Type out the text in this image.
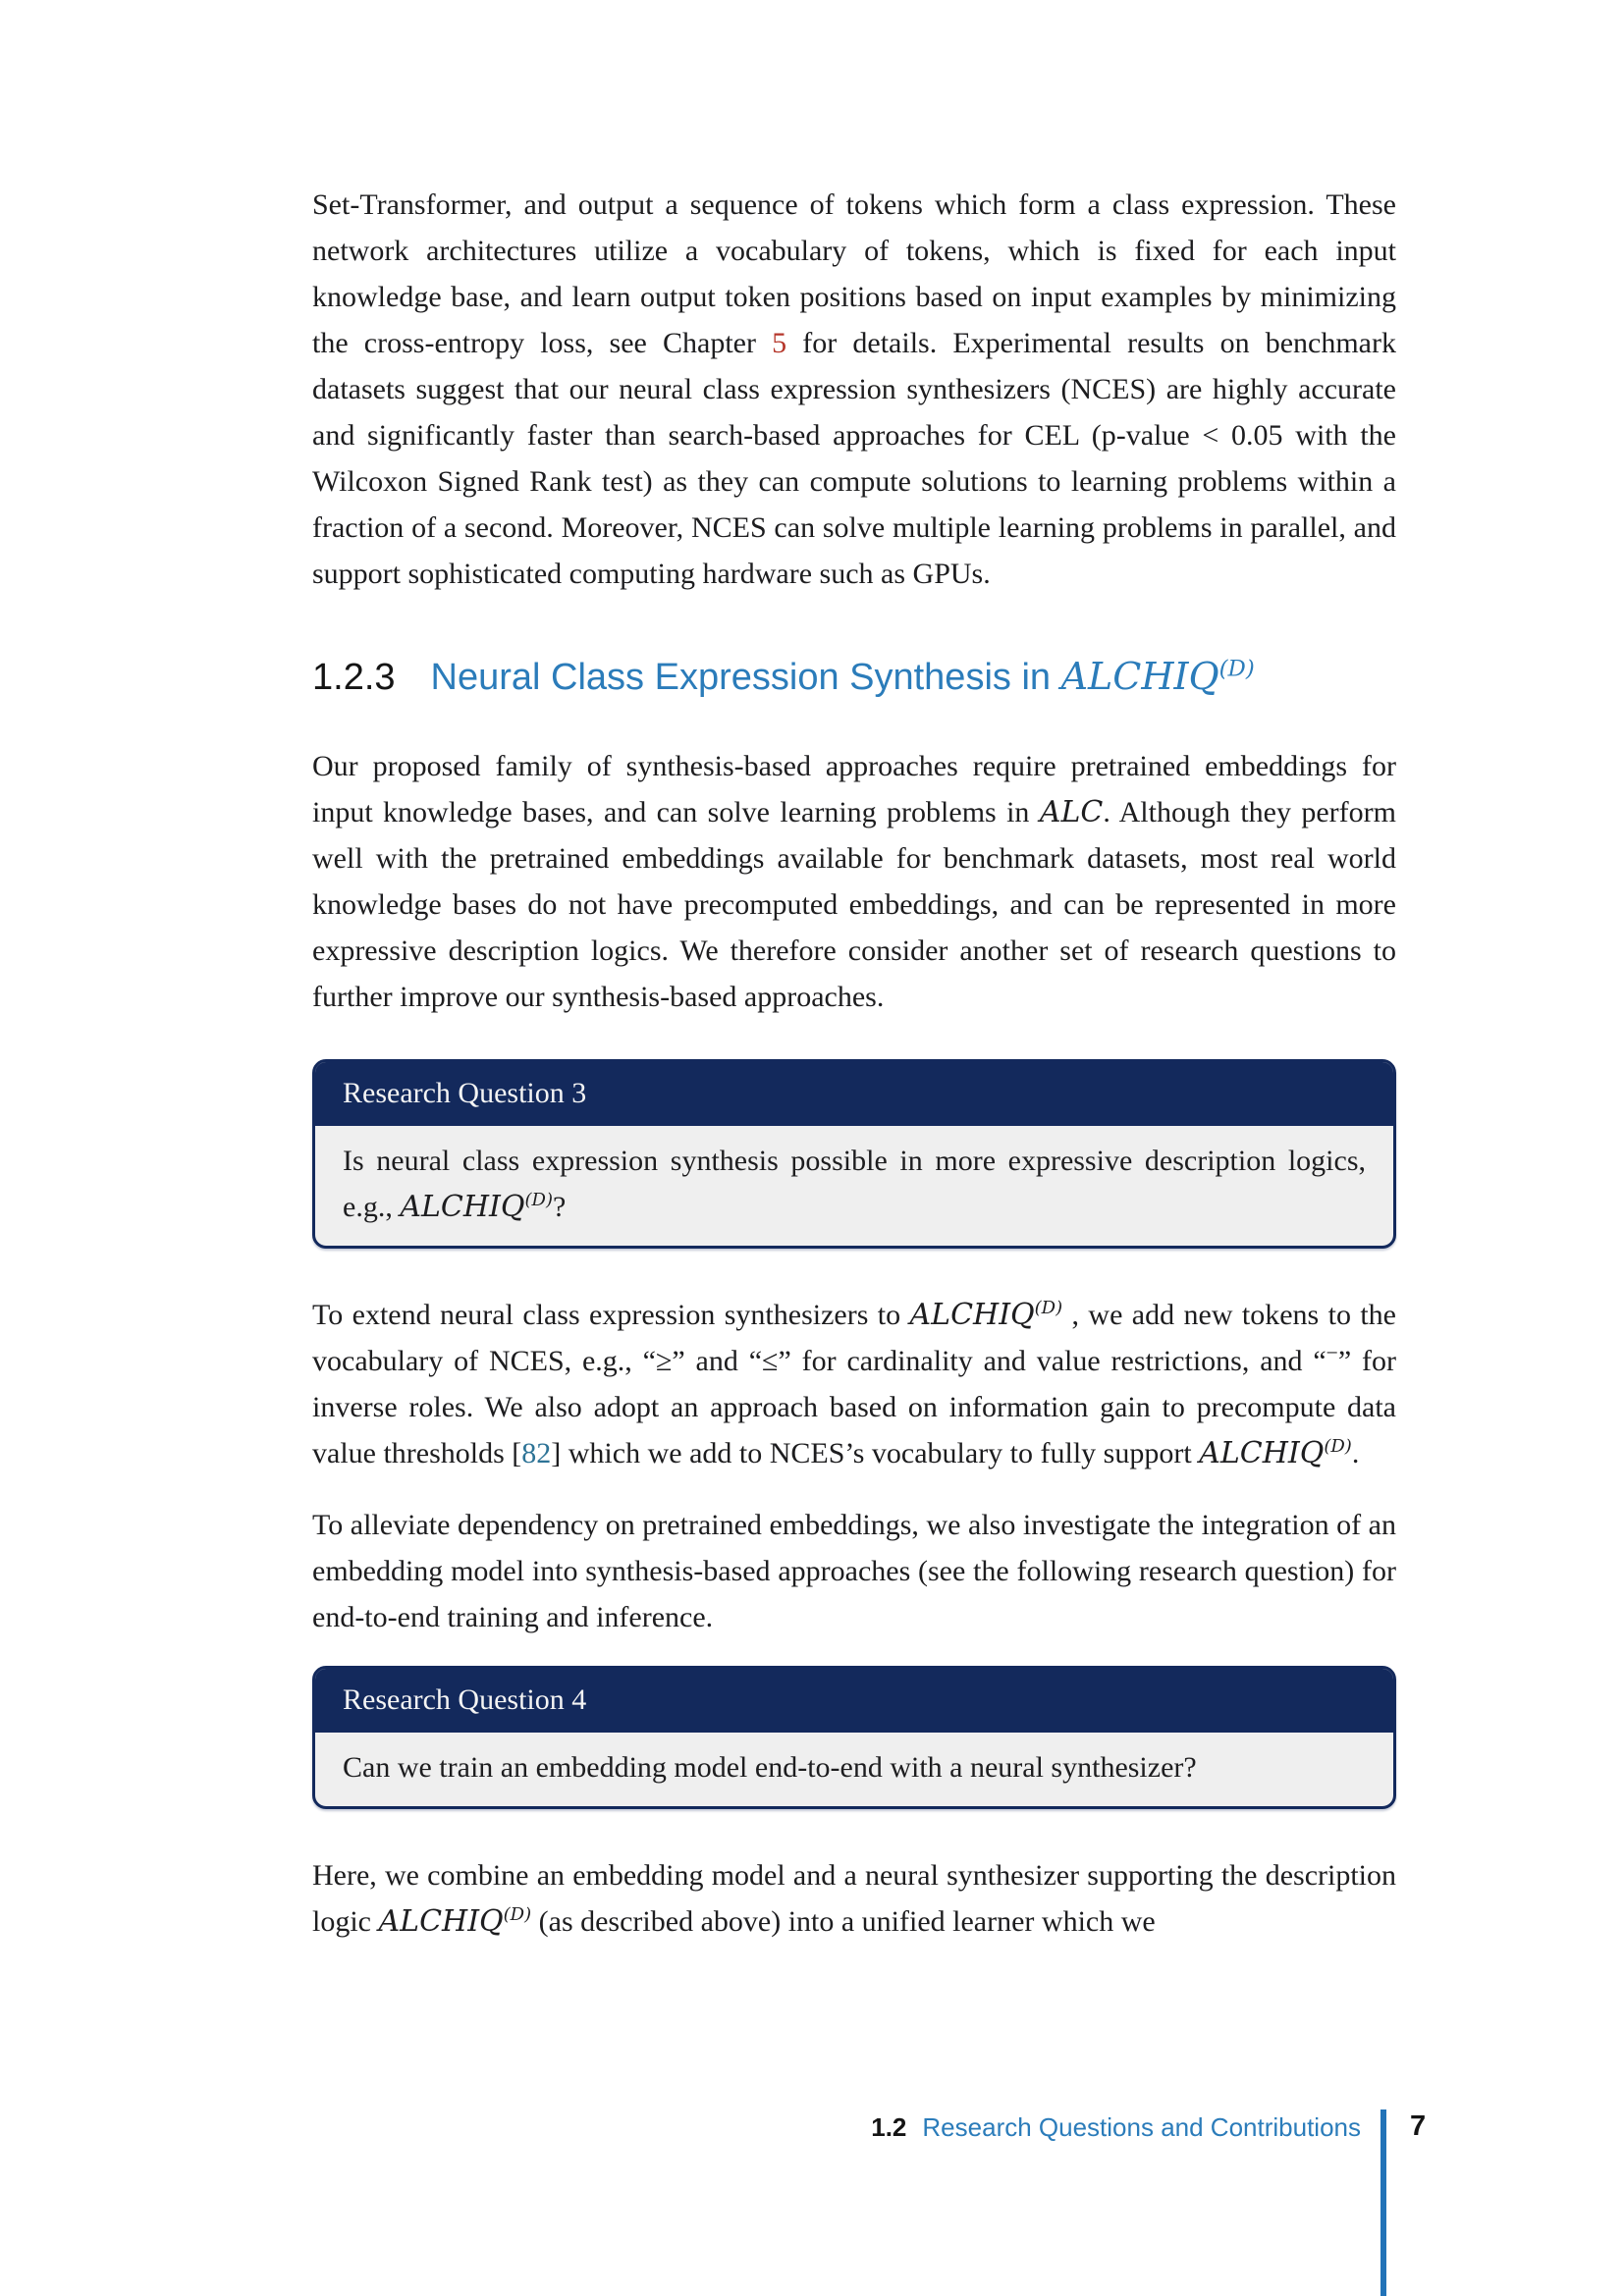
Set-Transformer, and output a sequence of tokens which form a class expression. These network architectures utilize a vocabulary of tokens, which is fixed for each input knowledge base, and learn output token positions based on input examples by minimizing the cross-entropy loss, see Chapter 5 for details. Experimental results on benchmark datasets suggest that our neural class expression synthesizers (NCES) are highly accurate and significantly faster than search-based approaches for CEL (p-value < 0.05 with the Wilcoxon Signed Rank test) as they can compute solutions to learning problems within a fraction of a second. Moreover, NCES can solve multiple learning problems in parallel, and support sophisticated computing hardware such as GPUs.

1.2.3 Neural Class Expression Synthesis in $ALCHIQ^{(D)}$

Our proposed family of synthesis-based approaches require pretrained embeddings for input knowledge bases, and can solve learning problems in ALC. Although they perform well with the pretrained embeddings available for benchmark datasets, most real world knowledge bases do not have precomputed embeddings, and can be represented in more expressive description logics. We therefore consider another set of research questions to further improve our synthesis-based approaches.

Research Question 3
Is neural class expression synthesis possible in more expressive description logics, e.g., $ALCHIQ^{(D)}$?

To extend neural class expression synthesizers to $ALCHIQ^{(D)}$ , we add new tokens to the vocabulary of NCES, e.g., “≥” and “≤” for cardinality and value restrictions, and “−” for inverse roles. We also adopt an approach based on information gain to precompute data value thresholds [82] which we add to NCES’s vocabulary to fully support $ALCHIQ^{(D)}$.

To alleviate dependency on pretrained embeddings, we also investigate the integration of an embedding model into synthesis-based approaches (see the following research question) for end-to-end training and inference.

Research Question 4
Can we train an embedding model end-to-end with a neural synthesizer?

Here, we combine an embedding model and a neural synthesizer supporting the description logic $ALCHIQ^{(D)}$ (as described above) into a unified learner which we

1.2 Research Questions and Contributions 7
